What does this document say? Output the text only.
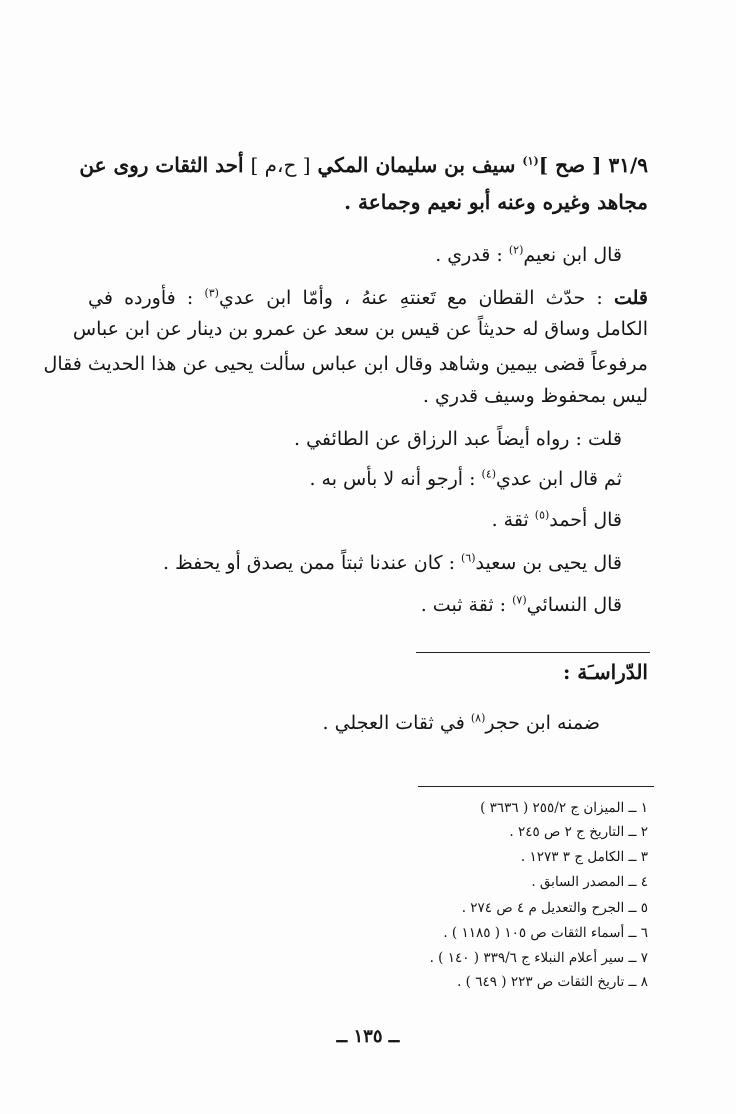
٣١/٩ [ صح ]$^{(١)}$ سيف بن سليمان المكي [ ح،م ] أحد الثقات روى عن
مجاهد وغيره وعنه أبو نعيم وجماعة .
قال ابن نعيم$^{(٢)}$ : قدري .
قلت : حدّث القطان مع تَعنتهِ عنهُ ، وأمّا ابن عدي$^{(٣)}$ : فأورده في
الكامل وساق له حديثاً عن قيس بن سعد عن عمرو بن دينار عن ابن عباس
مرفوعاً قضى بيمين وشاهد وقال ابن عباس سألت يحيى عن هذا الحديث فقال
ليس بمحفوظ وسيف قدري .
قلت : رواه أيضاً عبد الرزاق عن الطائفي .
ثم قال ابن عدي$^{(٤)}$ : أرجو أنه لا بأس به .
قال أحمد$^{(٥)}$ ثقة .
قال يحيى بن سعيد$^{(٦)}$ : كان عندنا ثبتاً ممن يصدق أو يحفظ .
قال النسائي$^{(٧)}$ : ثقة ثبت .
الدّراسـَة :
ضمنه ابن حجر$^{(٨)}$ في ثقات العجلي .
١ ــ الميزان ج ٢٥٥/٢ ( ٣٦٣٦ )
٢ ــ التاريخ ج ٢ ص ٢٤٥ .
٣ ــ الكامل ج ٣ ١٢٧٣ .
٤ ــ المصدر السابق .
٥ ــ الجرح والتعديل م ٤ ص ٢٧٤ .
٦ ــ أسماء الثقات ص ١٠٥ ( ١١٨٥ ) .
٧ ــ سير أعلام النبلاء ج ٣٣٩/٦ ( ١٤٠ ) .
٨ ــ تاريخ الثقات ص ٢٢٣ ( ٦٤٩ ) .
ــ ١٣٥ ــ
